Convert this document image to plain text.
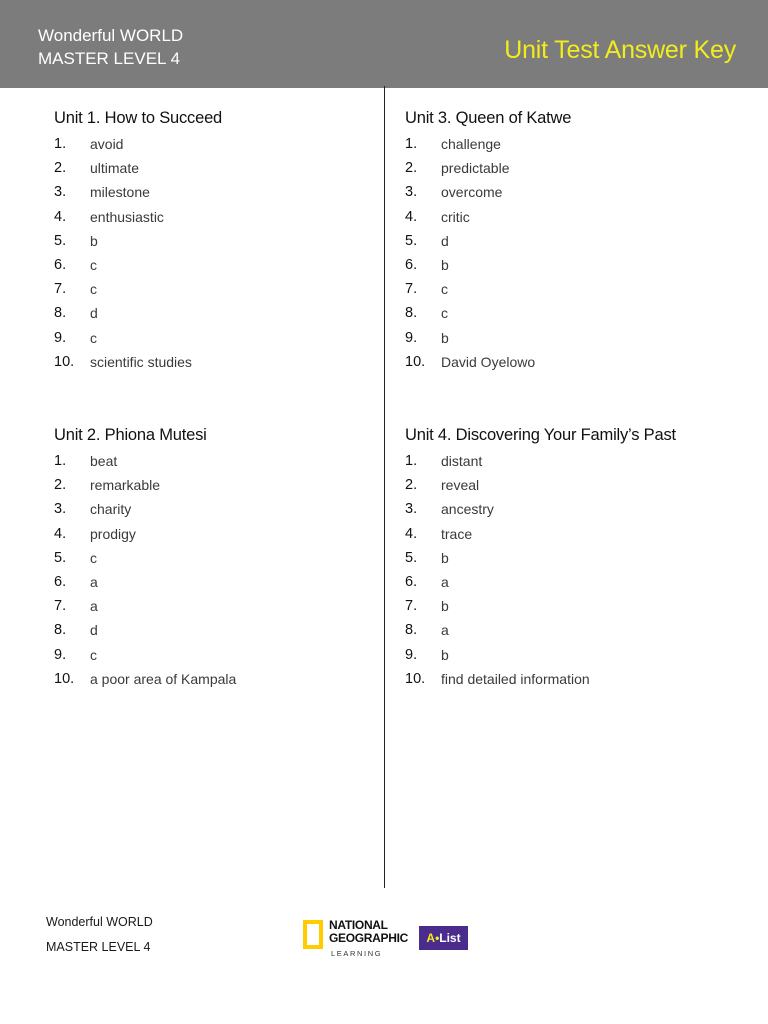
Wonderful WORLD
MASTER LEVEL 4	Unit Test Answer Key
Unit 1. How to Succeed
1.	avoid
2.	ultimate
3.	milestone
4.	enthusiastic
5.	b
6.	c
7.	c
8.	d
9.	c
10.	scientific studies
Unit 2. Phiona Mutesi
1.	beat
2.	remarkable
3.	charity
4.	prodigy
5.	c
6.	a
7.	a
8.	d
9.	c
10.	a poor area of Kampala
Unit 3. Queen of Katwe
1.	challenge
2.	predictable
3.	overcome
4.	critic
5.	d
6.	b
7.	c
8.	c
9.	b
10.	David Oyelowo
Unit 4. Discovering Your Family’s Past
1.	distant
2.	reveal
3.	ancestry
4.	trace
5.	b
6.	a
7.	b
8.	a
9.	b
10.	find detailed information
Wonderful WORLD
MASTER LEVEL 4
NATIONAL
GEOGRAPHIC
LEARNING
A•List
